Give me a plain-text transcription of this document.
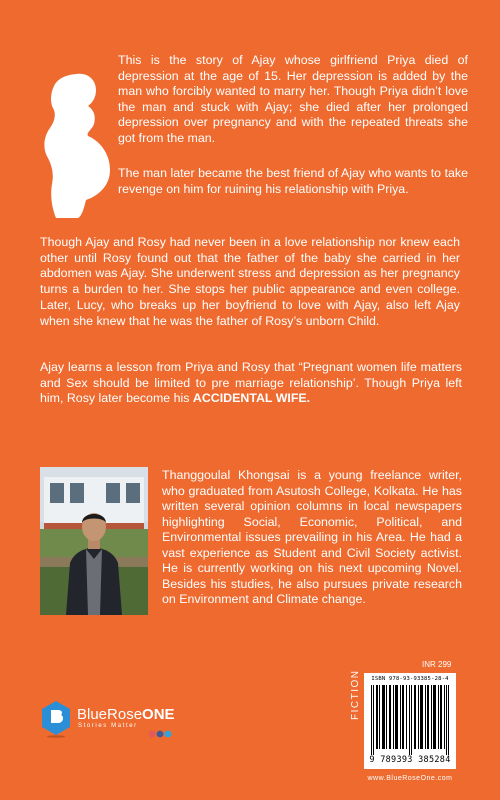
This is the story of Ajay whose girlfriend Priya died of depression at the age of 15. Her depression is added by the man who forcibly wanted to marry her. Though Priya didn’t love the man and stuck with Ajay; she died after her prolonged depression over pregnancy and with the repeated threats she got from the man.

The man later became the best friend of Ajay who wants to take revenge on him for ruining his relationship with Priya.

Though Ajay and Rosy had never been in a love relationship nor knew each other until Rosy found out that the father of the baby she carried in her abdomen was Ajay. She underwent stress and depression as her pregnancy turns a burden to her. She stops her public appearance and even college. Later, Lucy, who breaks up her boyfriend to love with Ajay, also left Ajay when she knew that he was the father of Rosy’s unborn Child.

Ajay learns a lesson from Priya and Rosy that “Pregnant women life matters and Sex should be limited to pre marriage relationship’. Though Priya left him, Rosy later become his ACCIDENTAL WIFE.

Thanggoulal Khongsai is a young freelance writer, who graduated from Asutosh College, Kolkata. He has written several opinion columns in local newspapers highlighting Social, Economic, Political, and Environmental issues prevailing in his Area. He had a vast experience as Student and Civil Society activist. He is currently working on his next upcoming Novel. Besides his studies, he also pursues private research on Environment and Climate change.

INR 299
ISBN 978-93-93385-28-4
9 789393 385284
FICTION
www.BlueRoseOne.com
BlueRoseONE
Stories Matter
